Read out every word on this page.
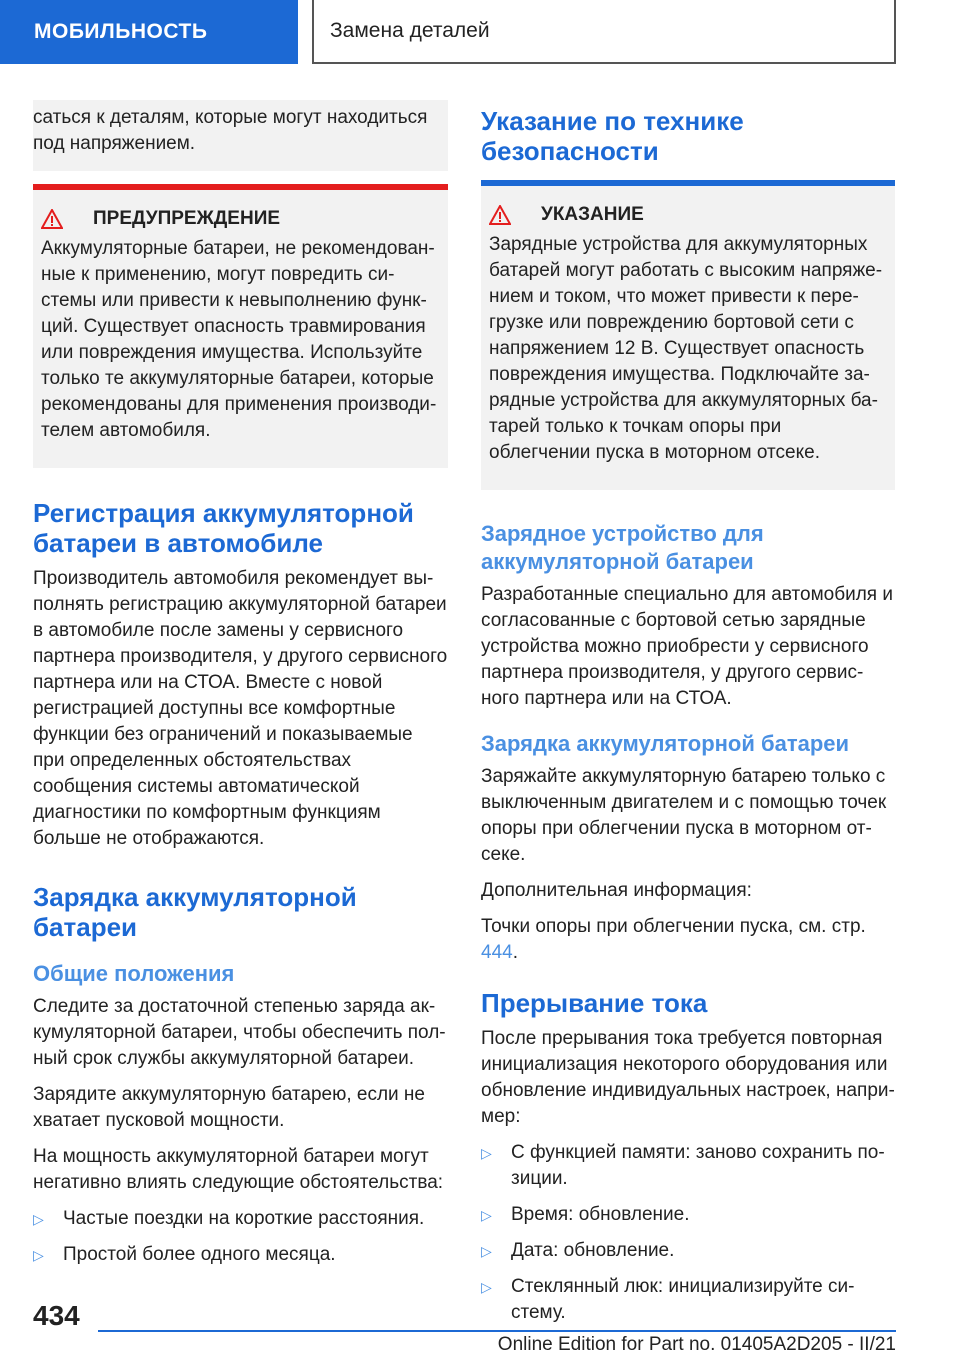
МОБИЛЬНОСТЬ	Замена деталей

саться к деталям, которые могут находиться под напряжением.

ПРЕДУПРЕЖДЕНИЕ

Аккумуляторные батареи, не рекомендованные к применению, могут повредить системы или привести к невыполнению функций. Существует опасность травмирования или повреждения имущества. Используйте только те аккумуляторные батареи, которые рекомендованы для применения производителем автомобиля.

Регистрация аккумуляторной батареи в автомобиле

Производитель автомобиля рекомендует выполнять регистрацию аккумуляторной батареи в автомобиле после замены у сервисного партнера производителя, у другого сервисного партнера или на СТОА. Вместе с новой регистрацией доступны все комфортные функции без ограничений и показываемые при определенных обстоятельствах сообщения системы автоматической диагностики по комфортным функциям больше не отображаются.

Зарядка аккумуляторной батареи
Общие положения

Следите за достаточной степенью заряда аккумуляторной батареи, чтобы обеспечить полный срок службы аккумуляторной батареи.

Зарядите аккумуляторную батарею, если не хватает пусковой мощности.

На мощность аккумуляторной батареи могут негативно влиять следующие обстоятельства:

▷	Частые поездки на короткие расстояния.
▷	Простой более одного месяца.
Указание по технике безопасности
УКАЗАНИЕ

Зарядные устройства для аккумуляторных батарей могут работать с высоким напряжением и током, что может привести к перегрузке или повреждению бортовой сети с напряжением 12 В. Существует опасность повреждения имущества. Подключайте зарядные устройства для аккумуляторных батарей только к точкам опоры при облегчении пуска в моторном отсеке.

Зарядное устройство для аккумуляторной батареи

Разработанные специально для автомобиля и согласованные с бортовой сетью зарядные устройства можно приобрести у сервисного партнера производителя, у другого сервисного партнера или на СТОА.

Зарядка аккумуляторной батареи

Заряжайте аккумуляторную батарею только с выключенным двигателем и с помощью точек опоры при облегчении пуска в моторном отсеке.

Дополнительная информация:

Точки опоры при облегчении пуска, см. стр. 444.

Прерывание тока

После прерывания тока требуется повторная инициализация некоторого оборудования или обновление индивидуальных настроек, например:

▷	С функцией памяти: заново сохранить позиции.
▷	Время: обновление.
▷	Дата: обновление.
▷	Стеклянный люк: инициализируйте систему.
434
Online Edition for Part no. 01405A2D205 - II/21
